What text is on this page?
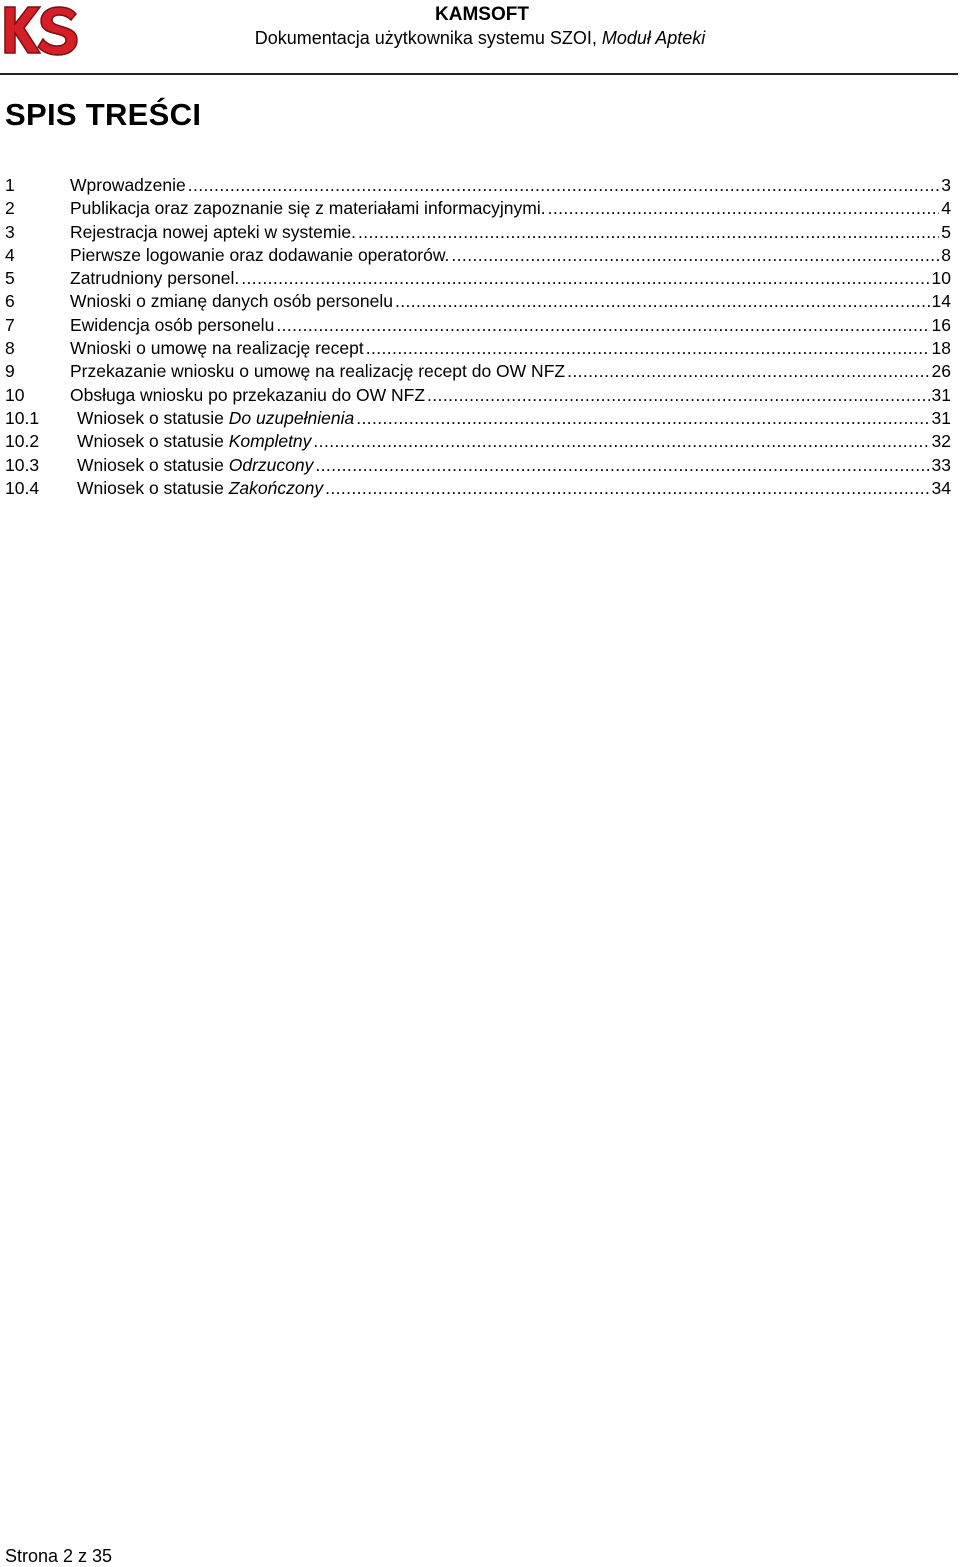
KAMSOFT
Dokumentacja użytkownika systemu SZOI, Moduł Apteki
SPIS TREŚCI
1	Wprowadzenie .....	3
2	Publikacja oraz zapoznanie się z materiałami informacyjnymi. .....	4
3	Rejestracja nowej apteki w systemie. .....	5
4	Pierwsze logowanie oraz dodawanie operatorów. .....	8
5	Zatrudniony personel. .....	10
6	Wnioski o zmianę danych osób personelu .....	14
7	Ewidencja osób personelu .....	16
8	Wnioski o umowę na realizację recept .....	18
9	Przekazanie wniosku o umowę na realizację recept do OW NFZ .....	26
10	Obsługa wniosku po przekazaniu do OW NFZ .....	31
10.1 Wniosek o statusie Do uzupełnienia .....	31
10.2 Wniosek o statusie Kompletny .....	32
10.3 Wniosek o statusie Odrzucony .....	33
10.4 Wniosek o statusie Zakończony .....	34
Strona 2 z 35
